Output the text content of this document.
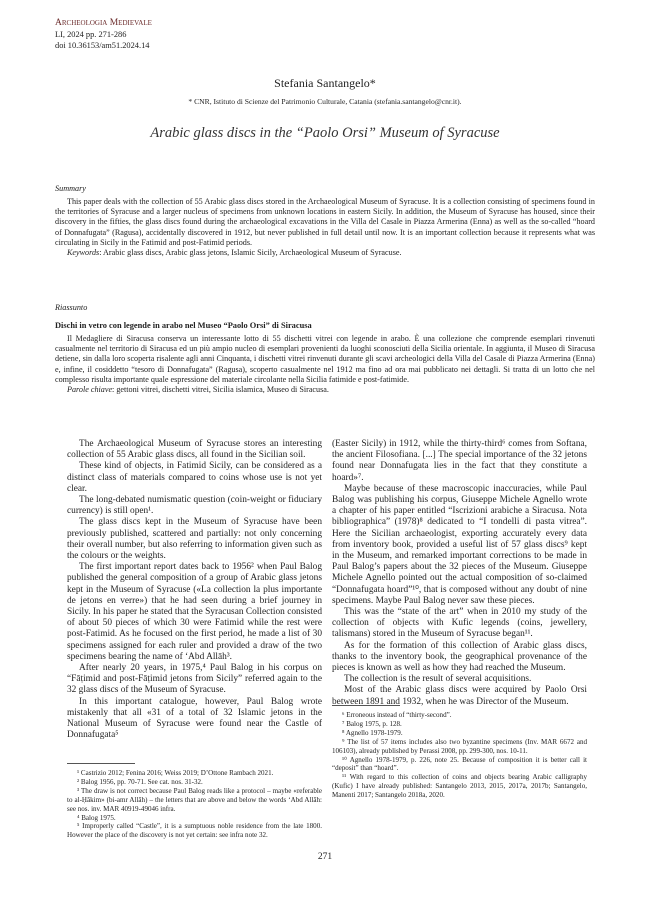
Archeologia Medievale
LI, 2024 pp. 271-286
doi 10.36153/am51.2024.14
Stefania Santangelo*
* CNR, Istituto di Scienze del Patrimonio Culturale, Catania (stefania.santangelo@cnr.it).
Arabic glass discs in the “Paolo Orsi” Museum of Syracuse
Summary

This paper deals with the collection of 55 Arabic glass discs stored in the Archaeological Museum of Syracuse. It is a collection consisting of specimens found in the territories of Syracuse and a larger nucleus of specimens from unknown locations in eastern Sicily. In addition, the Museum of Syracuse has housed, since their discovery in the fifties, the glass discs found during the archaeological excavations in the Villa del Casale in Piazza Armerina (Enna) as well as the so-called “hoard of Donnafugata” (Ragusa), accidentally discovered in 1912, but never published in full detail until now. It is an important collection because it represents what was circulating in Sicily in the Fatimid and post-Fatimid periods.

Keywords: Arabic glass discs, Arabic glass jetons, Islamic Sicily, Archaeological Museum of Syracuse.

Riassunto
Dischi in vetro con legende in arabo nel Museo “Paolo Orsi” di Siracusa

Il Medagliere di Siracusa conserva un interessante lotto di 55 dischetti vitrei con legende in arabo. È una collezione che comprende esemplari rinvenuti casualmente nel territorio di Siracusa ed un più ampio nucleo di esemplari provenienti da luoghi sconosciuti della Sicilia orientale. In aggiunta, il Museo di Siracusa detiene, sin dalla loro scoperta risalente agli anni Cinquanta, i dischetti vitrei rinvenuti durante gli scavi archeologici della Villa del Casale di Piazza Armerina (Enna) e, infine, il cosiddetto “tesoro di Donnafugata” (Ragusa), scoperto casualmente nel 1912 ma fino ad ora mai pubblicato nei dettagli. Si tratta di un lotto che nel complesso risulta importante quale espressione del materiale circolante nella Sicilia fatimide e post-fatimide.

Parole chiave: gettoni vitrei, dischetti vitrei, Sicilia islamica, Museo di Siracusa.

The Archaeological Museum of Syracuse stores an interesting collection of 55 Arabic glass discs, all found in the Sicilian soil.

These kind of objects, in Fatimid Sicily, can be considered as a distinct class of materials compared to coins whose use is not yet clear.

The long-debated numismatic question (coin-weight or fiduciary currency) is still open¹.

The glass discs kept in the Museum of Syracuse have been previously published, scattered and partially: not only concerning their overall number, but also referring to information given such as the colours or the weights.

The first important report dates back to 1956² when Paul Balog published the general composition of a group of Arabic glass jetons kept in the Museum of Syracuse («La collection la plus importante de jetons en verre») that he had seen during a brief journey in Sicily. In his paper he stated that the Syracusan Collection consisted of about 50 pieces of which 30 were Fatimid while the rest were post-Fatimid. As he focused on the first period, he made a list of 30 specimens assigned for each ruler and provided a draw of the two specimens bearing the name of ‘Abd Allāh³.

After nearly 20 years, in 1975,⁴ Paul Balog in his corpus on “Fāṭimid and post-Fāṭimid jetons from Sicily” referred again to the 32 glass discs of the Museum of Syracuse.

In this important catalogue, however, Paul Balog wrote mistakenly that all «31 of a total of 32 Islamic jetons in the National Museum of Syracuse were found near the Castle of Donnafugata⁵

(Easter Sicily) in 1912, while the thirty-third⁶ comes from Softana, the ancient Filosofiana. [...] The special importance of the 32 jetons found near Donnafugata lies in the fact that they constitute a hoard»⁷.

Maybe because of these macroscopic inaccuracies, while Paul Balog was publishing his corpus, Giuseppe Michele Agnello wrote a chapter of his paper entitled “Iscrizioni arabiche a Siracusa. Nota bibliographica” (1978)⁸ dedicated to “I tondelli di pasta vitrea”. Here the Sicilian archaeologist, exporting accurately every data from inventory book, provided a useful list of 57 glass discs⁹ kept in the Museum, and remarked important corrections to be made in Paul Balog’s papers about the 32 pieces of the Museum. Giuseppe Michele Agnello pointed out the actual composition of so-claimed “Donnafugata hoard”¹⁰, that is composed without any doubt of nine specimens. Maybe Paul Balog never saw these pieces.

This was the “state of the art” when in 2010 my study of the collection of objects with Kufic legends (coins, jewellery, talismans) stored in the Museum of Syracuse began¹¹.

As for the formation of this collection of Arabic glass discs, thanks to the inventory book, the geographical provenance of the pieces is known as well as how they had reached the Museum.

The collection is the result of several acquisitions.

Most of the Arabic glass discs were acquired by Paolo Orsi between 1891 and 1932, when he was Director of the Museum.

¹ Castrizio 2012; Fenina 2016; Weiss 2019; D’Ottone Rambach 2021.

² Balog 1956, pp. 70-71. See cat. nos. 31-32.

³ The draw is not correct because Paul Balog reads like a protocol – maybe «referable to al-Ḥākim» (bi-amr Allāh) – the letters that are above and below the words ‘Abd Allāh: see nos. inv. MAR 40919-49046 infra.

⁴ Balog 1975.

⁵ Improperly called “Castle”, it is a sumptuous noble residence from the late 1800. However the place of the discovery is not yet certain: see infra note 32.

⁶ Erroneous instead of “thirty-second”.

⁷ Balog 1975, p. 128.

⁸ Agnello 1978-1979.

⁹ The list of 57 items includes also two byzantine specimens (Inv. MAR 6672 and 106103), already published by Perassi 2008, pp. 299-300, nos. 10-11.

¹⁰ Agnello 1978-1979, p. 226, note 25. Because of composition it is better call it “deposit” than “hoard”.

¹¹ With regard to this collection of coins and objects bearing Arabic calligraphy (Kufic) I have already published: Santangelo 2013, 2015, 2017a, 2017b; Santangelo, Manenti 2017; Santangelo 2018a, 2020.

271
